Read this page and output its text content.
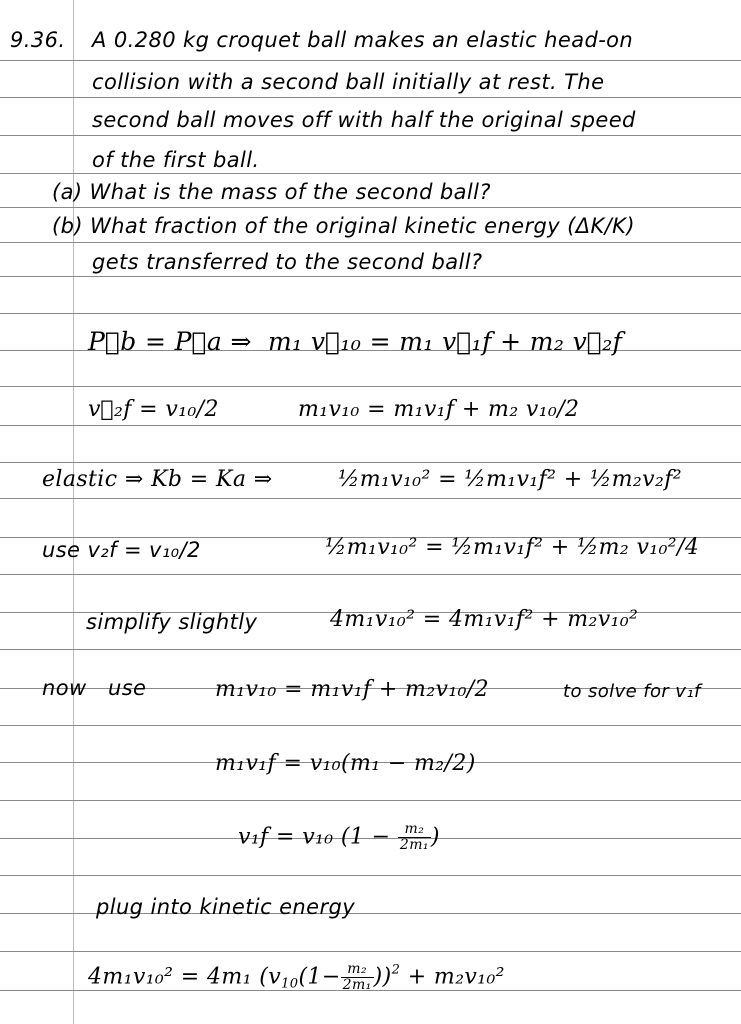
9.36. A 0.280 kg croquet ball makes an elastic head-on
collision with a second ball initially at rest. The
second ball moves off with half the original speed
of the first ball.
(a) What is the mass of the second ball?
(b) What fraction of the original kinetic energy (ΔK/K)
gets transferred to the second ball?
P⃗b = P⃗a ⇒ m₁ v⃗₁₀ = m₁ v⃗₁f + m₂ v⃗₂f
v⃗₂f = v₁₀/2	m₁v₁₀ = m₁v₁f + m₂ v₁₀/2
elastic ⇒ Kb = Ka ⇒	½m₁v₁₀² = ½m₁v₁f² + ½m₂v₂f²
use v₂f = v₁₀/2	½m₁v₁₀² = ½m₁v₁f² + ½m₂ v₁₀²/4
simplify slightly	4m₁v₁₀² = 4m₁v₁f² + m₂v₁₀²
now use	m₁v₁₀ = m₁v₁f + m₂v₁₀/2	to solve for v₁f
m₁v₁f = v₁₀(m₁ − m₂/2)
v₁f = v₁₀ ($1 - \frac{\text{m₂}}{\text{2m₁}}$ )
plug into kinetic energy
4m₁v₁₀² = 4m₁ $(v_{10}(1- \frac{\text{m₂}}{\text{2m₁}} ))^2 + m_2v_{10}^2$
